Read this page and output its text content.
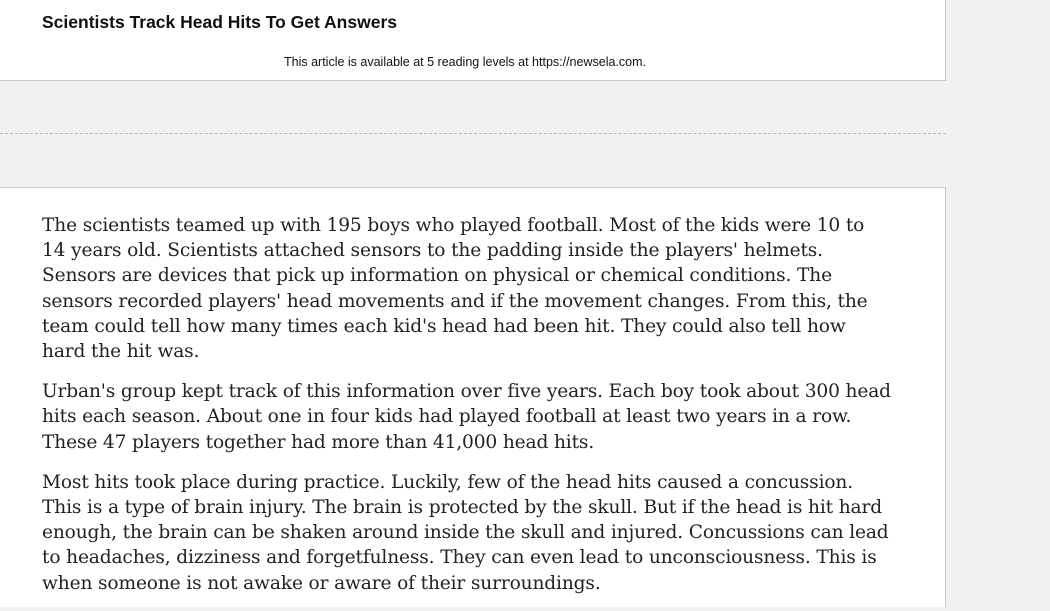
Scientists Track Head Hits To Get Answers
This article is available at 5 reading levels at https://newsela.com.

The scientists teamed up with 195 boys who played football. Most of the kids were 10 to 14 years old. Scientists attached sensors to the padding inside the players' helmets. Sensors are devices that pick up information on physical or chemical conditions. The sensors recorded players' head movements and if the movement changes. From this, the team could tell how many times each kid's head had been hit. They could also tell how hard the hit was.

Urban's group kept track of this information over five years. Each boy took about 300 head hits each season. About one in four kids had played football at least two years in a row. These 47 players together had more than 41,000 head hits.

Most hits took place during practice. Luckily, few of the head hits caused a concussion. This is a type of brain injury. The brain is protected by the skull. But if the head is hit hard enough, the brain can be shaken around inside the skull and injured. Concussions can lead to headaches, dizziness and forgetfulness. They can even lead to unconsciousness. This is when someone is not awake or aware of their surroundings.
